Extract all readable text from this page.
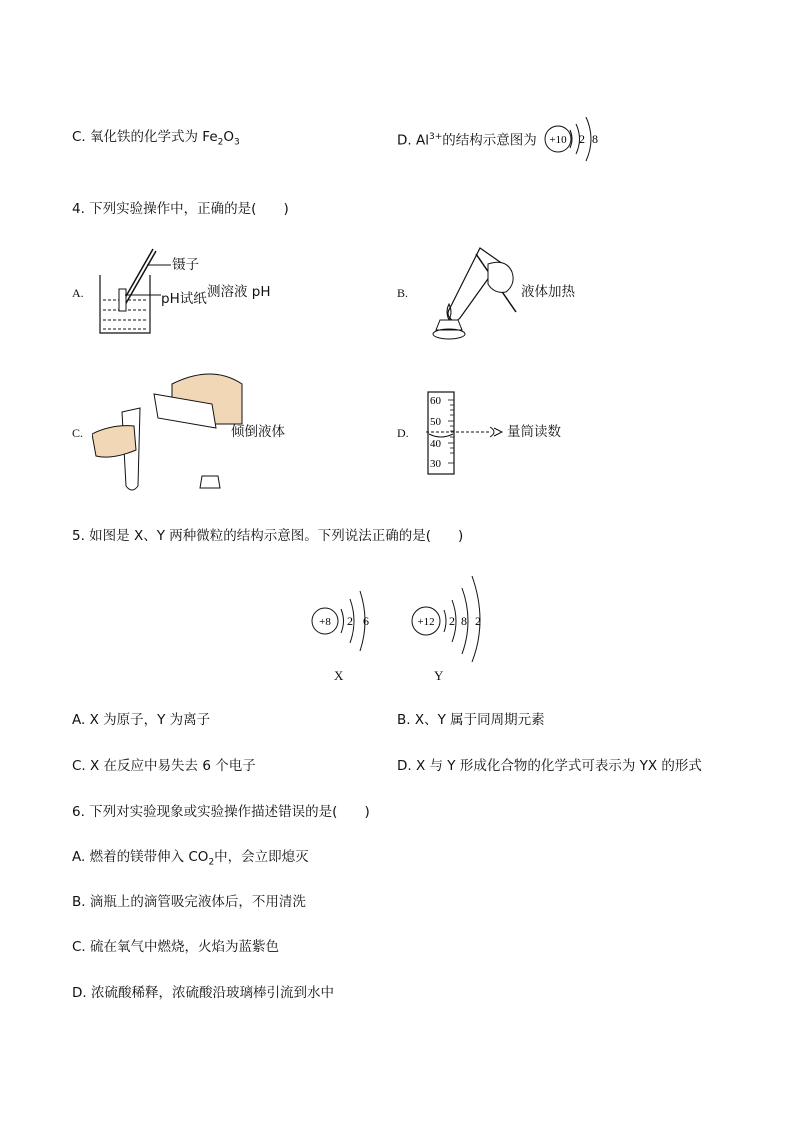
C. 氧化铁的化学式为 $Fe_2O_3$	D. $Al^{3+}$的结构示意图为 +10 2 8
4. 下列实验操作中，正确的是(　　)
A.
镊子
pH试纸 测溶液 pH	B.	液体加热
C.	倾倒液体	D.
60
50
40
30
量筒读数
5. 如图是 X、Y 两种微粒的结构示意图。下列说法正确的是(　　)
+8 2 6
X
+12 2 8 2
Y
A. X 为原子，Y 为离子	B. X、Y 属于同周期元素
C. X 在反应中易失去 6 个电子	D. X 与 Y 形成化合物的化学式可表示为 YX 的形式
6. 下列对实验现象或实验操作描述错误的是(　　)
A. 燃着的镁带伸入 $CO_2$中，会立即熄灭
B. 滴瓶上的滴管吸完液体后，不用清洗
C. 硫在氧气中燃烧，火焰为蓝紫色
D. 浓硫酸稀释，浓硫酸沿玻璃棒引流到水中
